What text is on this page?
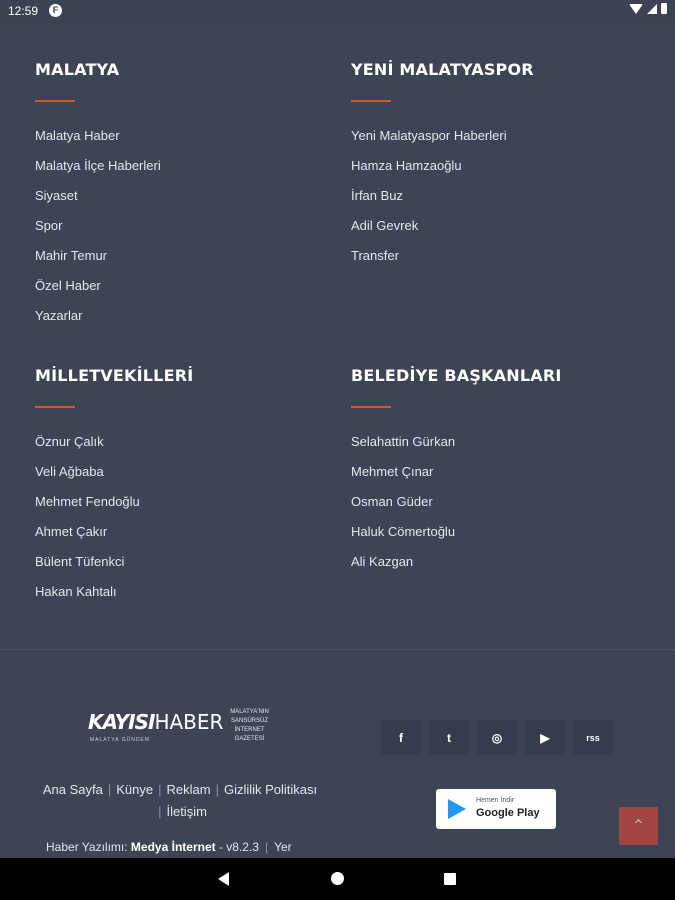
12:59	F
MALATYA
Malatya Haber
Malatya İlçe Haberleri
Siyaset
Spor
Mahir Temur
Özel Haber
Yazarlar
YENİ MALATYASPOR
Yeni Malatyaspor Haberleri
Hamza Hamzaoğlu
İrfan Buz
Adil Gevrek
Transfer
MİLLETVEKİLLERİ
Öznur Çalık
Veli Ağbaba
Mehmet Fendoğlu
Ahmet Çakır
Bülent Tüfenkci
Hakan Kahtalı
BELEDİYE BAŞKANLARI
Selahattin Gürkan
Mehmet Çınar
Osman Güder
Haluk Cömertoğlu
Ali Kazgan
KAYISIHABER
MALATYA GÜNDEM
MALATYA'NIN SANSÜRSÜZ İNTERNET GAZETESİ
Ana Sayfa | Künye | Reklam | Gizlilik Politikası
| İletişim
Haber Yazılımı: Medya İnternet - v8.2.3 | Yer
f	t	◎	▶	rss
Hemen İndir
Google Play
⌃
